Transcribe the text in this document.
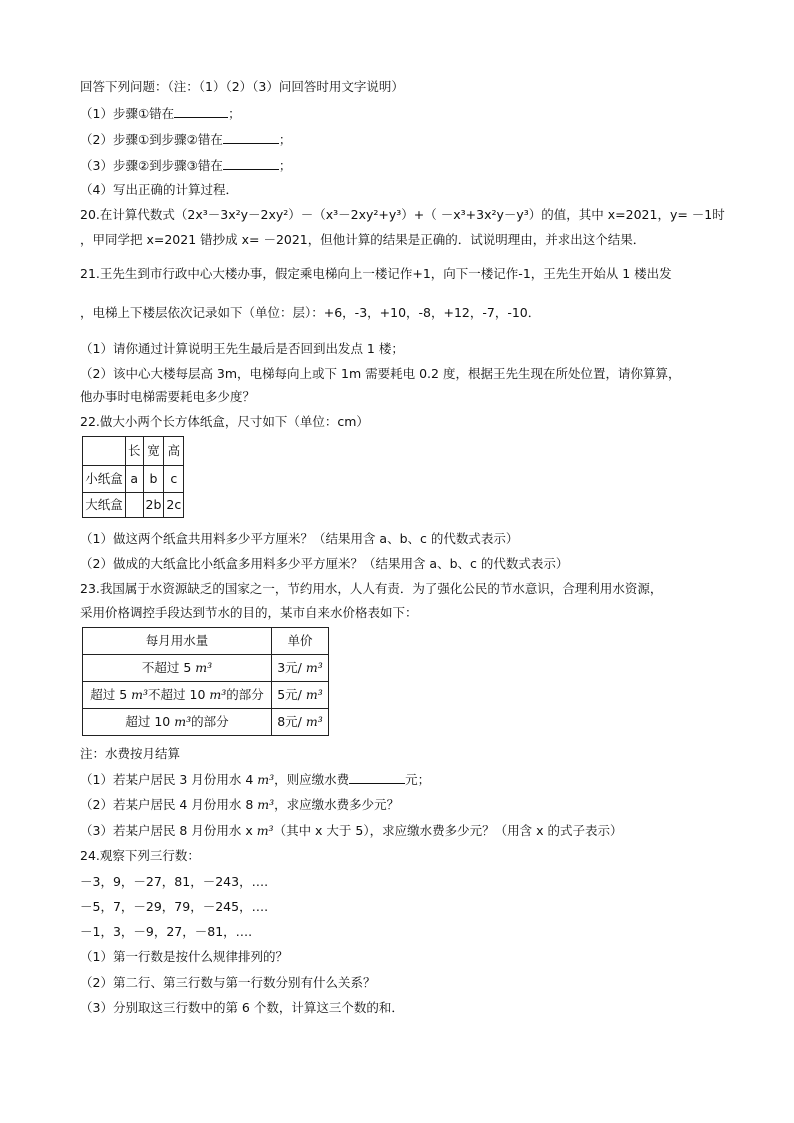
回答下列问题：（注：（1）（2）（3）问回答时用文字说明）
（1）步骤①错在	；
（2）步骤①到步骤②错在	；
（3）步骤②到步骤③错在	；
（4）写出正确的计算过程．
20.在计算代数式（2x³－3x²y－2xy²）－（x³－2xy²+y³）+（ －x³+3x²y－y³）的值，其中 x=2021，y= －1时
，甲同学把 x=2021 错抄成 x= －2021，但他计算的结果是正确的．试说明理由，并求出这个结果．
21.王先生到市行政中心大楼办事，假定乘电梯向上一楼记作+1，向下一楼记作-1，王先生开始从 1 楼出发
，电梯上下楼层依次记录如下（单位：层）：+6，-3，+10，-8，+12，-7，-10．
（1）请你通过计算说明王先生最后是否回到出发点 1 楼；
（2）该中心大楼每层高 3m，电梯每向上或下 1m 需要耗电 0.2 度，根据王先生现在所处位置，请你算算，
他办事时电梯需要耗电多少度？
22.做大小两个长方体纸盒，尺寸如下（单位：cm）
	长	宽	高
小纸盒	a	b	c
大纸盒		2b	2c
（1）做这两个纸盒共用料多少平方厘米？（结果用含 a、b、c 的代数式表示）
（2）做成的大纸盒比小纸盒多用料多少平方厘米？（结果用含 a、b、c 的代数式表示）
23.我国属于水资源缺乏的国家之一，节约用水，人人有责．为了强化公民的节水意识，合理利用水资源，
采用价格调控手段达到节水的目的，某市自来水价格表如下：
每月用水量	单价
不超过 5 m³	3元/ m³
超过 5 m³不超过 10 m³的部分	5元/ m³
超过 10 m³的部分	8元/ m³
注：水费按月结算
（1）若某户居民 3 月份用水 4 m³，则应缴水费	元；
（2）若某户居民 4 月份用水 8 m³，求应缴水费多少元？
（3）若某户居民 8 月份用水 x m³（其中 x 大于 5），求应缴水费多少元？（用含 x 的式子表示）
24.观察下列三行数：
－3，9，－27，81，－243，….
－5，7，－29，79，－245，….
－1，3，－9，27，－81，….
（1）第一行数是按什么规律排列的？
（2）第二行、第三行数与第一行数分别有什么关系？
（3）分别取这三行数中的第 6 个数，计算这三个数的和．
